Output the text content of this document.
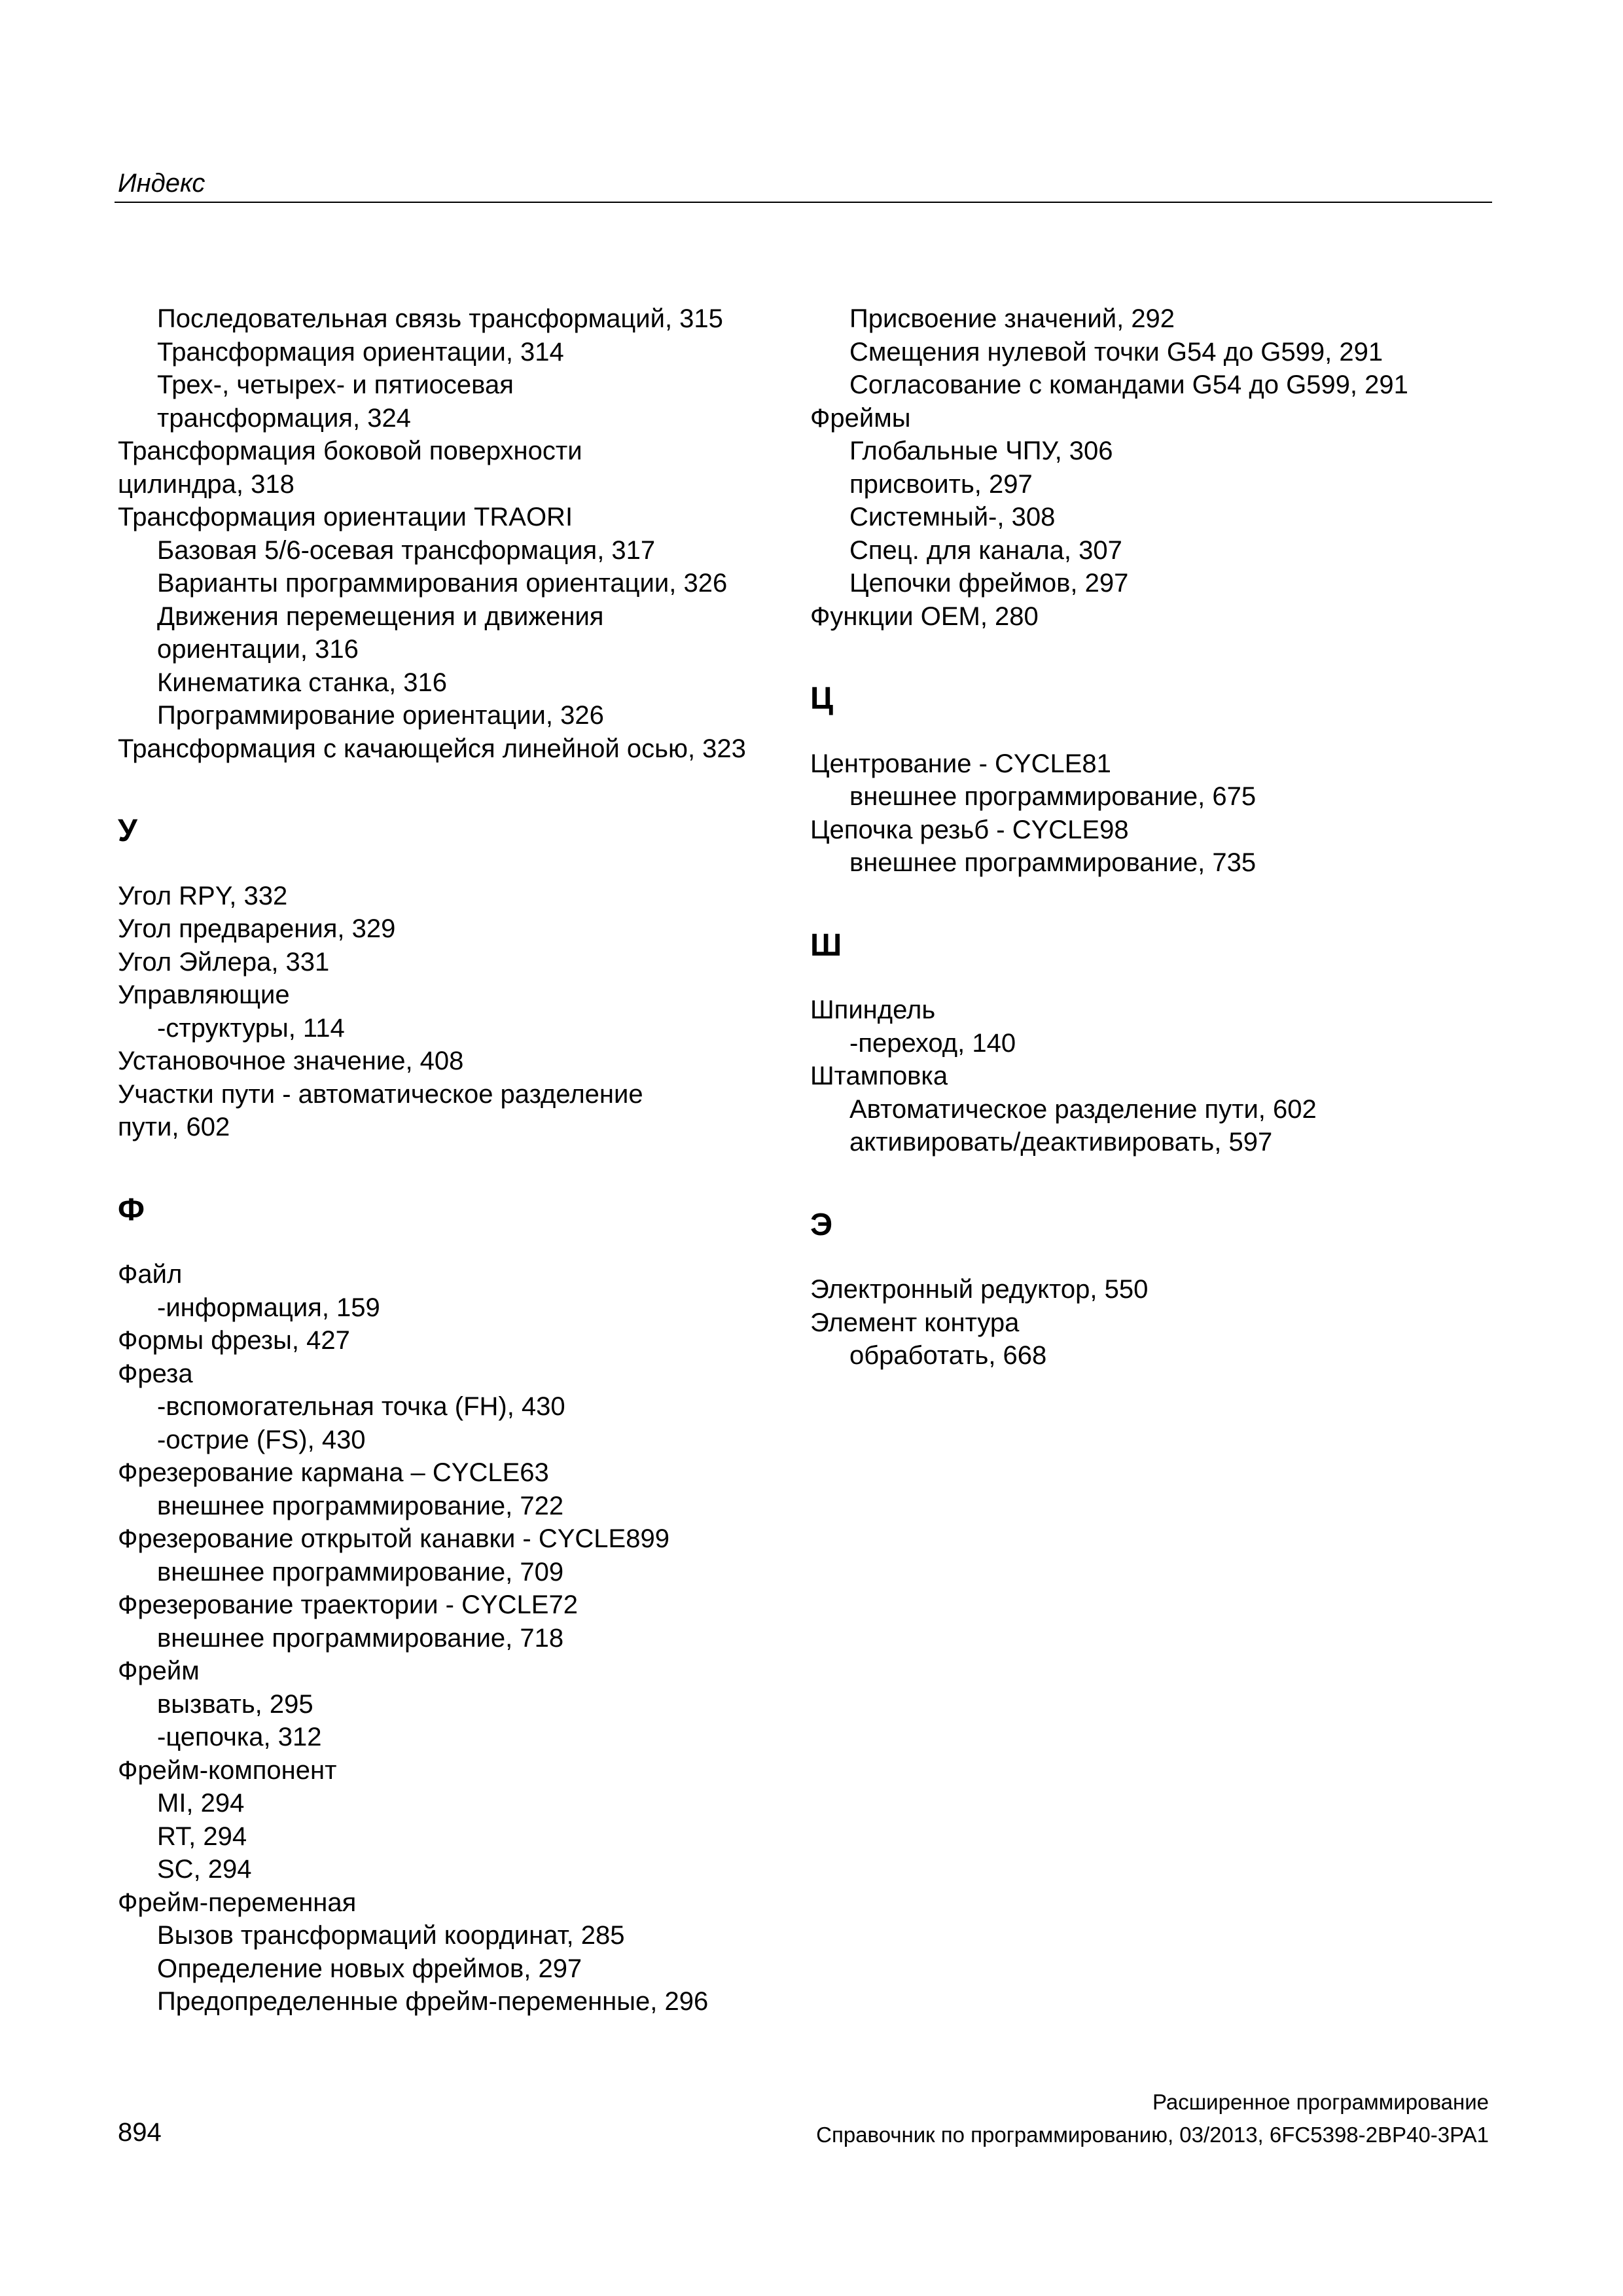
Индекс
Последовательная связь трансформаций, 315
Трансформация ориентации, 314
Трех-, четырех- и пятиосевая
трансформация, 324
Трансформация боковой поверхности
цилиндра, 318
Трансформация ориентации TRAORI
Базовая 5/6-осевая трансформация, 317
Варианты программирования ориентации, 326
Движения перемещения и движения
ориентации, 316
Кинематика станка, 316
Программирование ориентации, 326
Трансформация с качающейся линейной осью, 323
У
Угол RPY, 332
Угол предварения, 329
Угол Эйлера, 331
Управляющие
-структуры, 114
Установочное значение, 408
Участки пути - автоматическое разделение
пути, 602
Ф
Файл
-информация, 159
Формы фрезы, 427
Фреза
-вспомогательная точка (FH), 430
-острие (FS), 430
Фрезерование кармана – CYCLE63
внешнее программирование, 722
Фрезерование открытой канавки - CYCLE899
внешнее программирование, 709
Фрезерование траектории - CYCLE72
внешнее программирование, 718
Фрейм
вызвать, 295
-цепочка, 312
Фрейм-компонент
MI, 294
RT, 294
SC, 294
Фрейм-переменная
Вызов трансформаций координат, 285
Определение новых фреймов, 297
Предопределенные фрейм-переменные, 296
Присвоение значений, 292
Смещения нулевой точки G54 до G599, 291
Согласование с командами G54 до G599, 291
Фреймы
Глобальные ЧПУ, 306
присвоить, 297
Системный-, 308
Спец. для канала, 307
Цепочки фреймов, 297
Функции OEM, 280
Ц
Центрование - CYCLE81
внешнее программирование, 675
Цепочка резьб - CYCLE98
внешнее программирование, 735
Ш
Шпиндель
-переход, 140
Штамповка
Автоматическое разделение пути, 602
активировать/деактивировать, 597
Э
Электронный редуктор, 550
Элемент контура
обработать, 668
894
Расширенное программирование
Справочник по программированию, 03/2013, 6FC5398-2BP40-3PA1
